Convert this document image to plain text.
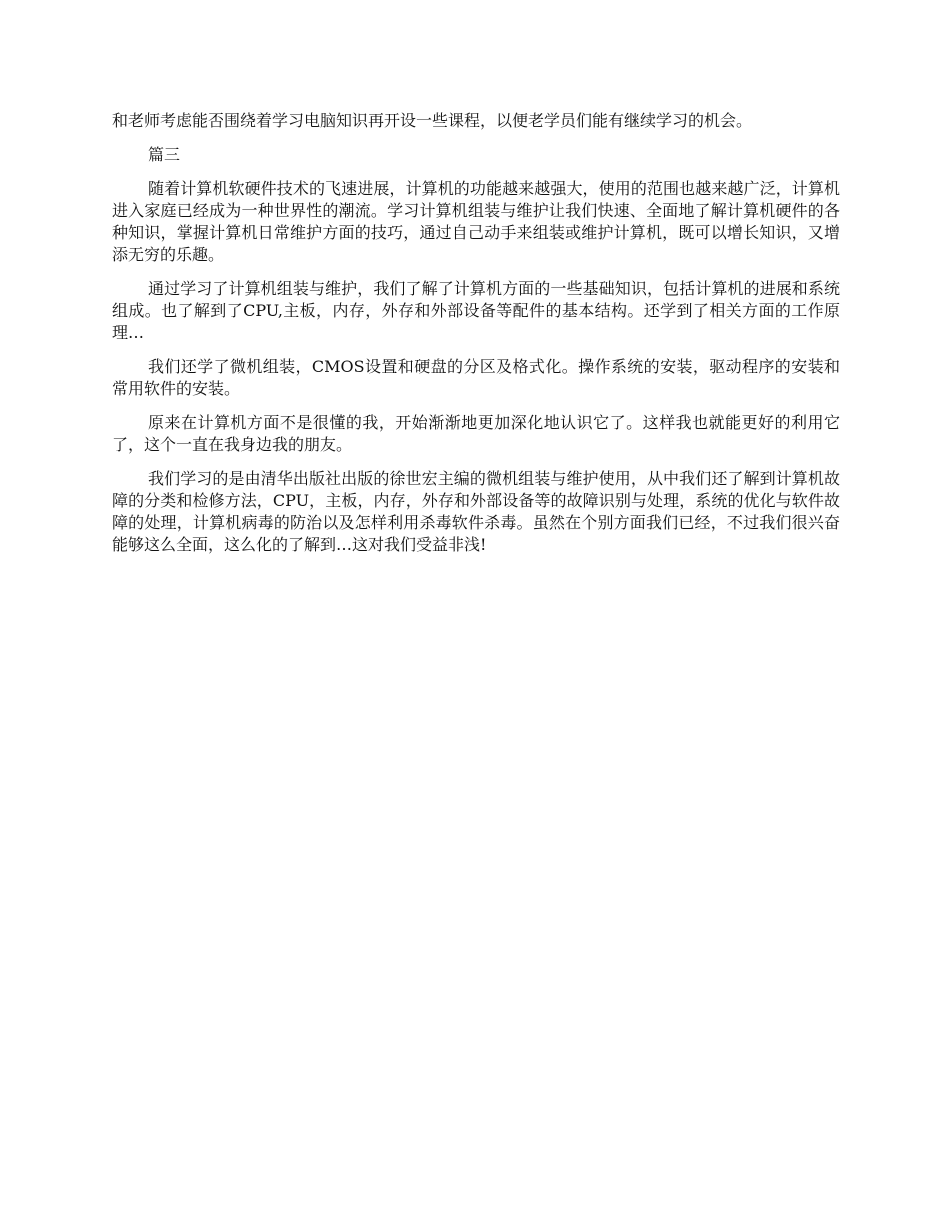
和老师考虑能否围绕着学习电脑知识再开设一些课程，以便老学员们能有继续学习的机会。

篇三

随着计算机软硬件技术的飞速进展，计算机的功能越来越强大，使用的范围也越来越广泛，计算机进入家庭已经成为一种世界性的潮流。学习计算机组装与维护让我们快速、全面地了解计算机硬件的各种知识，掌握计算机日常维护方面的技巧，通过自己动手来组装或维护计算机，既可以增长知识，又增添无穷的乐趣。

通过学习了计算机组装与维护，我们了解了计算机方面的一些基础知识，包括计算机的进展和系统组成。也了解到了CPU,主板，内存，外存和外部设备等配件的基本结构。还学到了相关方面的工作原理…

我们还学了微机组装，CMOS设置和硬盘的分区及格式化。操作系统的安装，驱动程序的安装和常用软件的安装。

原来在计算机方面不是很懂的我，开始渐渐地更加深化地认识它了。这样我也就能更好的利用它了，这个一直在我身边我的朋友。

我们学习的是由清华出版社出版的徐世宏主编的微机组装与维护使用，从中我们还了解到计算机故障的分类和检修方法，CPU，主板，内存，外存和外部设备等的故障识别与处理，系统的优化与软件故障的处理，计算机病毒的防治以及怎样利用杀毒软件杀毒。虽然在个别方面我们已经，不过我们很兴奋能够这么全面，这么化的了解到…这对我们受益非浅!
